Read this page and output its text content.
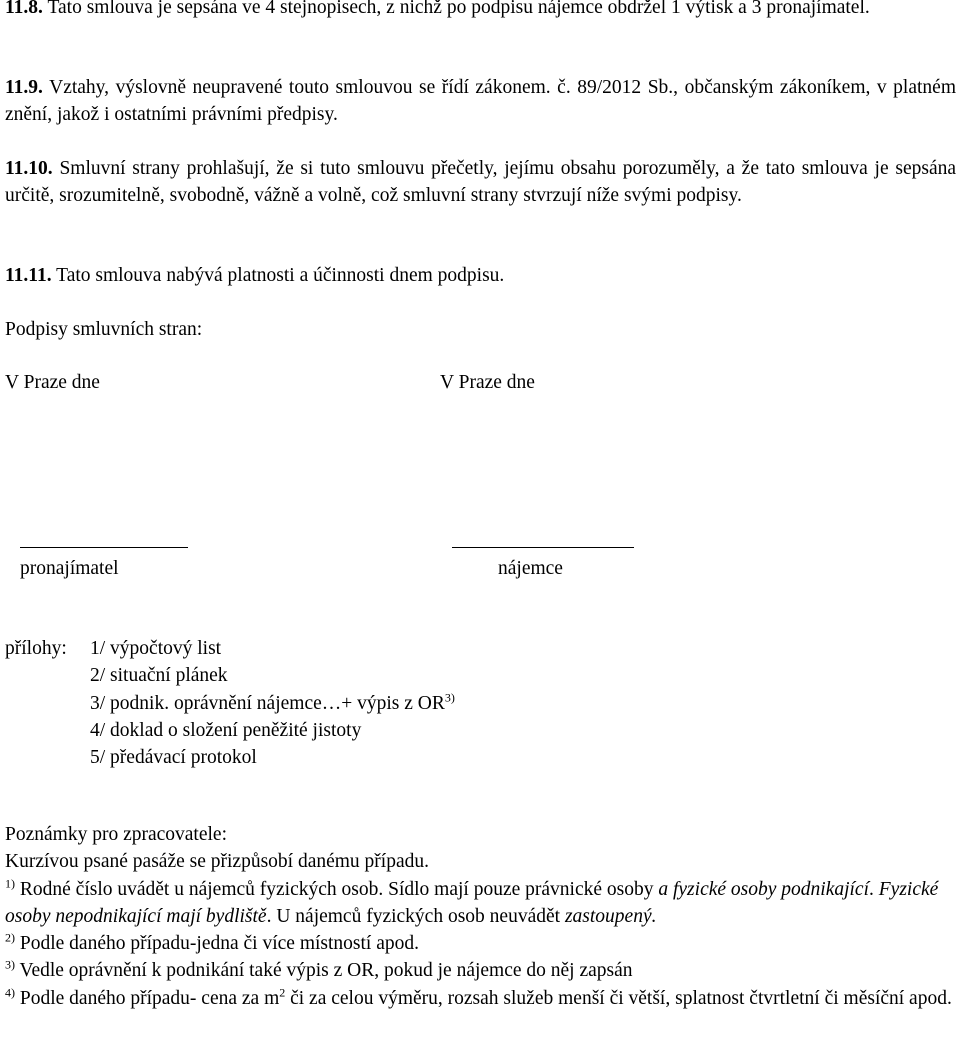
11.8. Tato smlouva je sepsána ve 4 stejnopisech, z nichž po podpisu nájemce obdržel 1 výtisk a 3 pronajímatel.
11.9. Vztahy, výslovně neupravené touto smlouvou se řídí zákonem. č. 89/2012 Sb., občanským zákoníkem, v platném znění, jakož i ostatními právními předpisy.
11.10. Smluvní strany prohlašují, že si tuto smlouvu přečetly, jejímu obsahu porozuměly, a že tato smlouva je sepsána určitě, srozumitelně, svobodně, vážně a volně, což smluvní strany stvrzují níže svými podpisy.
11.11. Tato smlouva nabývá platnosti a účinnosti dnem podpisu.
Podpisy smluvních stran:
V Praze dne	V Praze dne
pronajímatel	nájemce
přílohy: 1/ výpočtový list
2/ situační plánek
3/ podnik. oprávnění nájemce…+ výpis z OR$^{3)}$
4/ doklad o složení peněžité jistoty
5/ předávací protokol
Poznámky pro zpracovatele:
Kurzívou psané pasáže se přizpůsobí danému případu.
$^{1)}$ Rodné číslo uvádět u nájemců fyzických osob. Sídlo mají pouze právnické osoby a fyzické osoby podnikající. Fyzické osoby nepodnikající mají bydliště. U nájemců fyzických osob neuvádět zastoupený.
$^{2)}$ Podle daného případu-jedna či více místností apod.
$^{3)}$ Vedle oprávnění k podnikání také výpis z OR, pokud je nájemce do něj zapsán
$^{4)}$ Podle daného případu- cena za $m^2$ či za celou výměru, rozsah služeb menší či větší, splatnost čtvrtletní či měsíční apod.
